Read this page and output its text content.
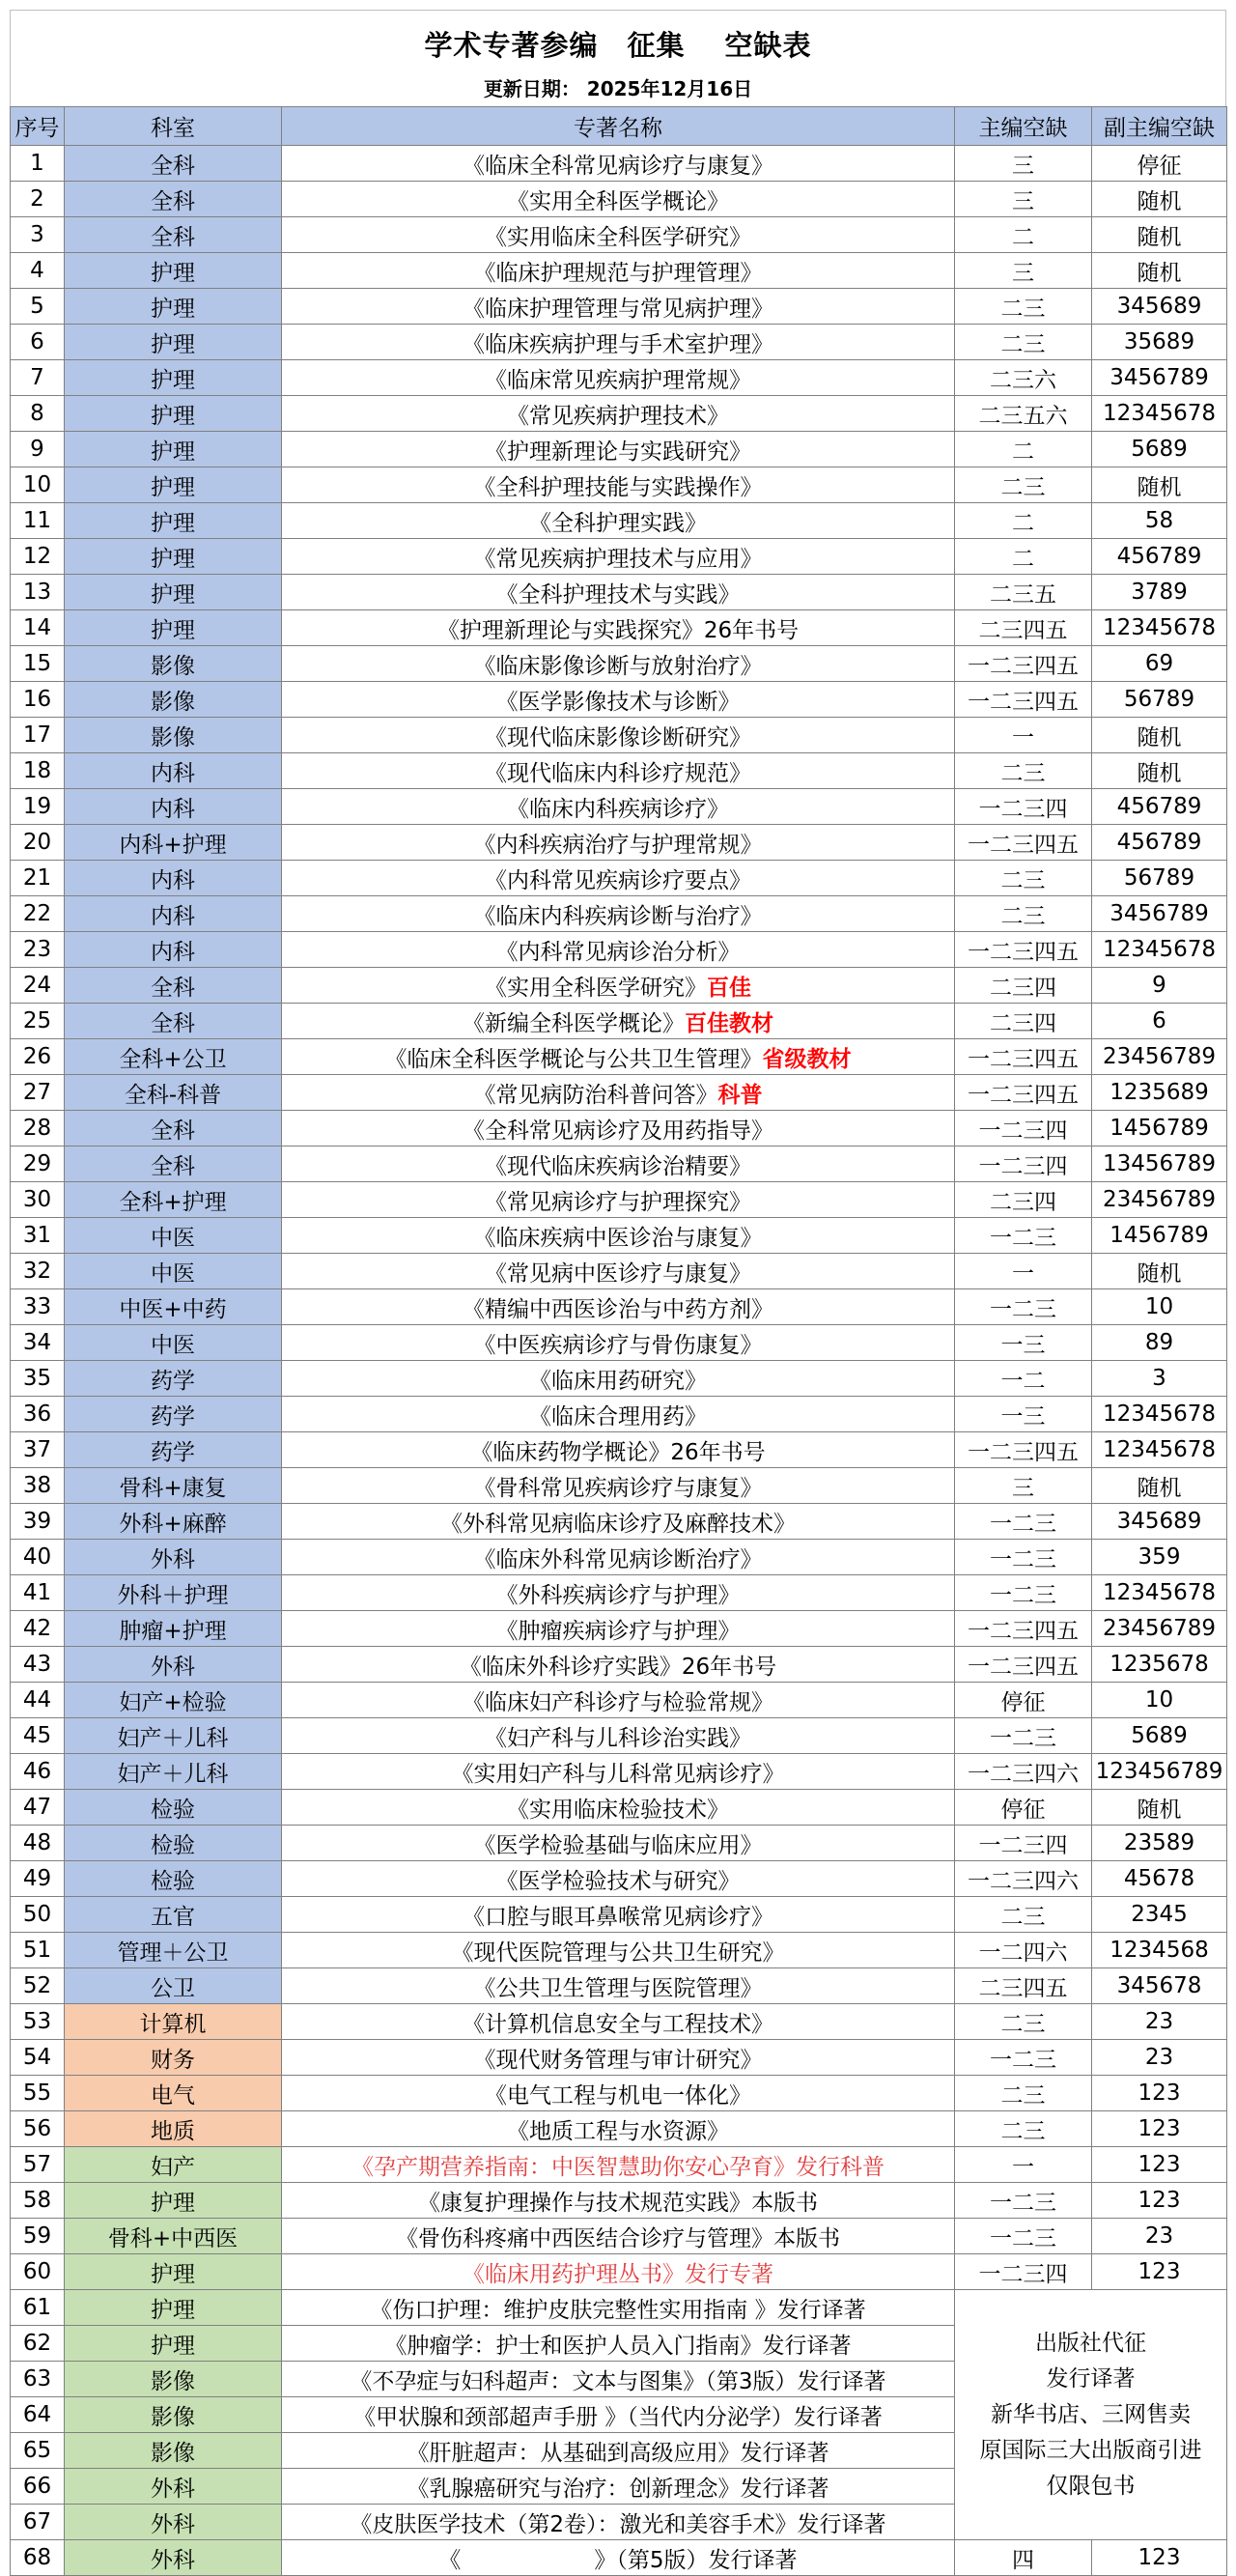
学术专著参编　征集　 空缺表
更新日期： 2025年12月16日
序号	科室	专著名称	主编空缺	副主编空缺
1	全科	《临床全科常见病诊疗与康复》	三	停征
2	全科	《实用全科医学概论》	三	随机
3	全科	《实用临床全科医学研究》	二	随机
4	护理	《临床护理规范与护理管理》	三	随机
5	护理	《临床护理管理与常见病护理》	二三	345689
6	护理	《临床疾病护理与手术室护理》	二三	35689
7	护理	《临床常见疾病护理常规》	二三六	3456789
8	护理	《常见疾病护理技术》	二三五六	12345678
9	护理	《护理新理论与实践研究》	二	5689
10	护理	《全科护理技能与实践操作》	二三	随机
11	护理	《全科护理实践》	二	58
12	护理	《常见疾病护理技术与应用》	二	456789
13	护理	《全科护理技术与实践》	二三五	3789
14	护理	《护理新理论与实践探究》26年书号	二三四五	12345678
15	影像	《临床影像诊断与放射治疗》	一二三四五	69
16	影像	《医学影像技术与诊断》	一二三四五	56789
17	影像	《现代临床影像诊断研究》	一	随机
18	内科	《现代临床内科诊疗规范》	二三	随机
19	内科	《临床内科疾病诊疗》	一二三四	456789
20	内科+护理	《内科疾病治疗与护理常规》	一二三四五	456789
21	内科	《内科常见疾病诊疗要点》	二三	56789
22	内科	《临床内科疾病诊断与治疗》	二三	3456789
23	内科	《内科常见病诊治分析》	一二三四五	12345678
24	全科	《实用全科医学研究》百佳	二三四	9
25	全科	《新编全科医学概论》百佳教材	二三四	6
26	全科+公卫	《临床全科医学概论与公共卫生管理》省级教材	一二三四五	23456789
27	全科-科普	《常见病防治科普问答》科普	一二三四五	1235689
28	全科	《全科常见病诊疗及用药指导》	一二三四	1456789
29	全科	《现代临床疾病诊治精要》	一二三四	13456789
30	全科+护理	《常见病诊疗与护理探究》	二三四	23456789
31	中医	《临床疾病中医诊治与康复》	一二三	1456789
32	中医	《常见病中医诊疗与康复》	一	随机
33	中医+中药	《精编中西医诊治与中药方剂》	一二三	10
34	中医	《中医疾病诊疗与骨伤康复》	一三	89
35	药学	《临床用药研究》	一二	3
36	药学	《临床合理用药》	一三	12345678
37	药学	《临床药物学概论》26年书号	一二三四五	12345678
38	骨科+康复	《骨科常见疾病诊疗与康复》	三	随机
39	外科+麻醉	《外科常见病临床诊疗及麻醉技术》	一二三	345689
40	外科	《临床外科常见病诊断治疗》	一二三	359
41	外科＋护理	《外科疾病诊疗与护理》	一二三	12345678
42	肿瘤+护理	《肿瘤疾病诊疗与护理》	一二三四五	23456789
43	外科	《临床外科诊疗实践》26年书号	一二三四五	1235678
44	妇产+检验	《临床妇产科诊疗与检验常规》	停征	10
45	妇产＋儿科	《妇产科与儿科诊治实践》	一二三	5689
46	妇产＋儿科	《实用妇产科与儿科常见病诊疗》	一二三四六	123456789
47	检验	《实用临床检验技术》	停征	随机
48	检验	《医学检验基础与临床应用》	一二三四	23589
49	检验	《医学检验技术与研究》	一二三四六	45678
50	五官	《口腔与眼耳鼻喉常见病诊疗》	二三	2345
51	管理＋公卫	《现代医院管理与公共卫生研究》	一二四六	1234568
52	公卫	《公共卫生管理与医院管理》	二三四五	345678
53	计算机	《计算机信息安全与工程技术》	二三	23
54	财务	《现代财务管理与审计研究》	一二三	23
55	电气	《电气工程与机电一体化》	二三	123
56	地质	《地质工程与水资源》	二三	123
57	妇产	《孕产期营养指南：中医智慧助你安心孕育》发行科普	一	123
58	护理	《康复护理操作与技术规范实践》本版书	一二三	123
59	骨科+中西医	《骨伤科疼痛中西医结合诊疗与管理》本版书	一二三	23
60	护理	《临床用药护理丛书》发行专著	一二三四	123
61	护理	《伤口护理：维护皮肤完整性实用指南 》发行译著	出版社代征
发行译著
新华书店、三网售卖
原国际三大出版商引进
仅限包书	

62	护理	《肿瘤学：护士和医护人员入门指南》发行译著		
63	影像	《不孕症与妇科超声：文本与图集》（第3版）发行译著		
64	影像	《甲状腺和颈部超声手册 》（当代内分泌学）发行译著		
65	影像	《肝脏超声：从基础到高级应用》发行译著		
66	外科	《乳腺癌研究与治疗：创新理念》发行译著		
67	外科	《皮肤医学技术（第2卷）：激光和美容手术》发行译著		
68	外科	《　　　　　　》（第5版）发行译著	四	123
